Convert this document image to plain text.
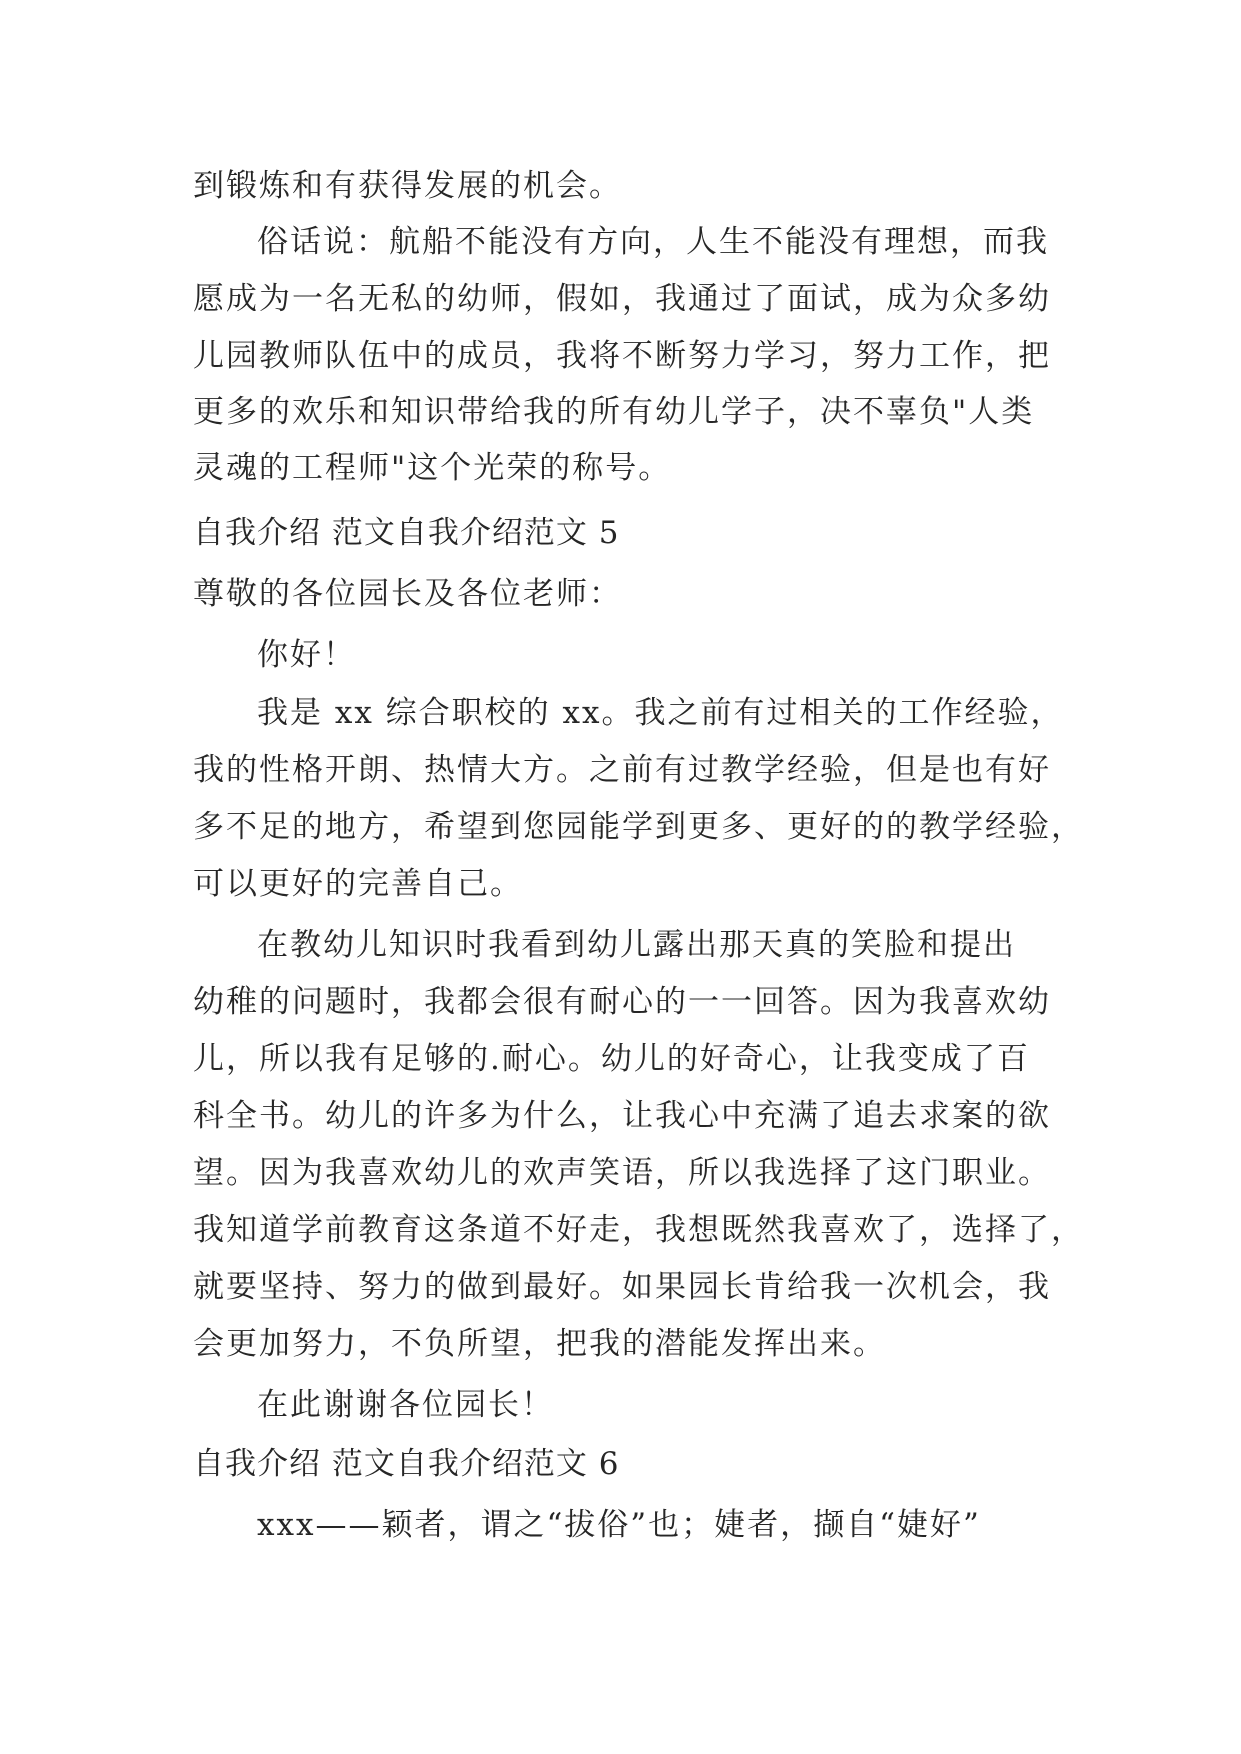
到锻炼和有获得发展的机会。

俗话说：航船不能没有方向，人生不能没有理想，而我

愿成为一名无私的幼师，假如，我通过了面试，成为众多幼

儿园教师队伍中的成员，我将不断努力学习，努力工作，把

更多的欢乐和知识带给我的所有幼儿学子，决不辜负"人类

灵魂的工程师"这个光荣的称号。

自我介绍 范文自我介绍范文 5

尊敬的各位园长及各位老师：

你好！

我是 xx 综合职校的 xx。我之前有过相关的工作经验，

我的性格开朗、热情大方。之前有过教学经验，但是也有好

多不足的地方，希望到您园能学到更多、更好的的教学经验，

可以更好的完善自己。

在教幼儿知识时我看到幼儿露出那天真的笑脸和提出

幼稚的问题时，我都会很有耐心的一一回答。因为我喜欢幼

儿，所以我有足够的.耐心。幼儿的好奇心，让我变成了百

科全书。幼儿的许多为什么，让我心中充满了追去求案的欲

望。因为我喜欢幼儿的欢声笑语，所以我选择了这门职业。

我知道学前教育这条道不好走，我想既然我喜欢了，选择了，

就要坚持、努力的做到最好。如果园长肯给我一次机会，我

会更加努力，不负所望，把我的潜能发挥出来。

在此谢谢各位园长！

自我介绍 范文自我介绍范文 6

xxx——颖者，谓之“拔俗”也；婕者，撷自“婕好”
